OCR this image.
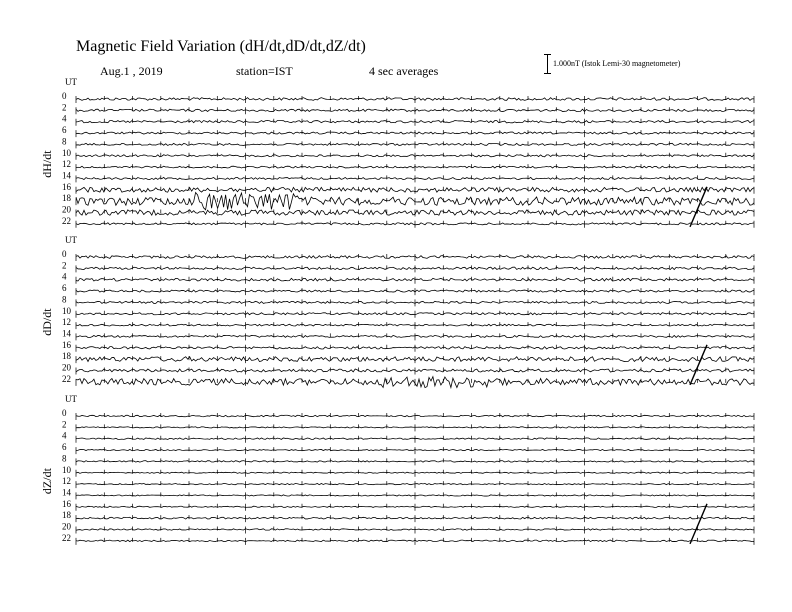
Magnetic Field Variation (dH/dt,dD/dt,dZ/dt)
Aug.1 , 2019	station=IST	4 sec averages
1.000nT (Istok Lemi-30 magnetometer)
UT
dH/dt
0
2
4
6
8
10
12
14
16
18
20
22
UT
dD/dt
0
2
4
6
8
10
12
14
16
18
20
22
UT
dZ/dt
0
2
4
6
8
10
12
14
16
18
20
22
